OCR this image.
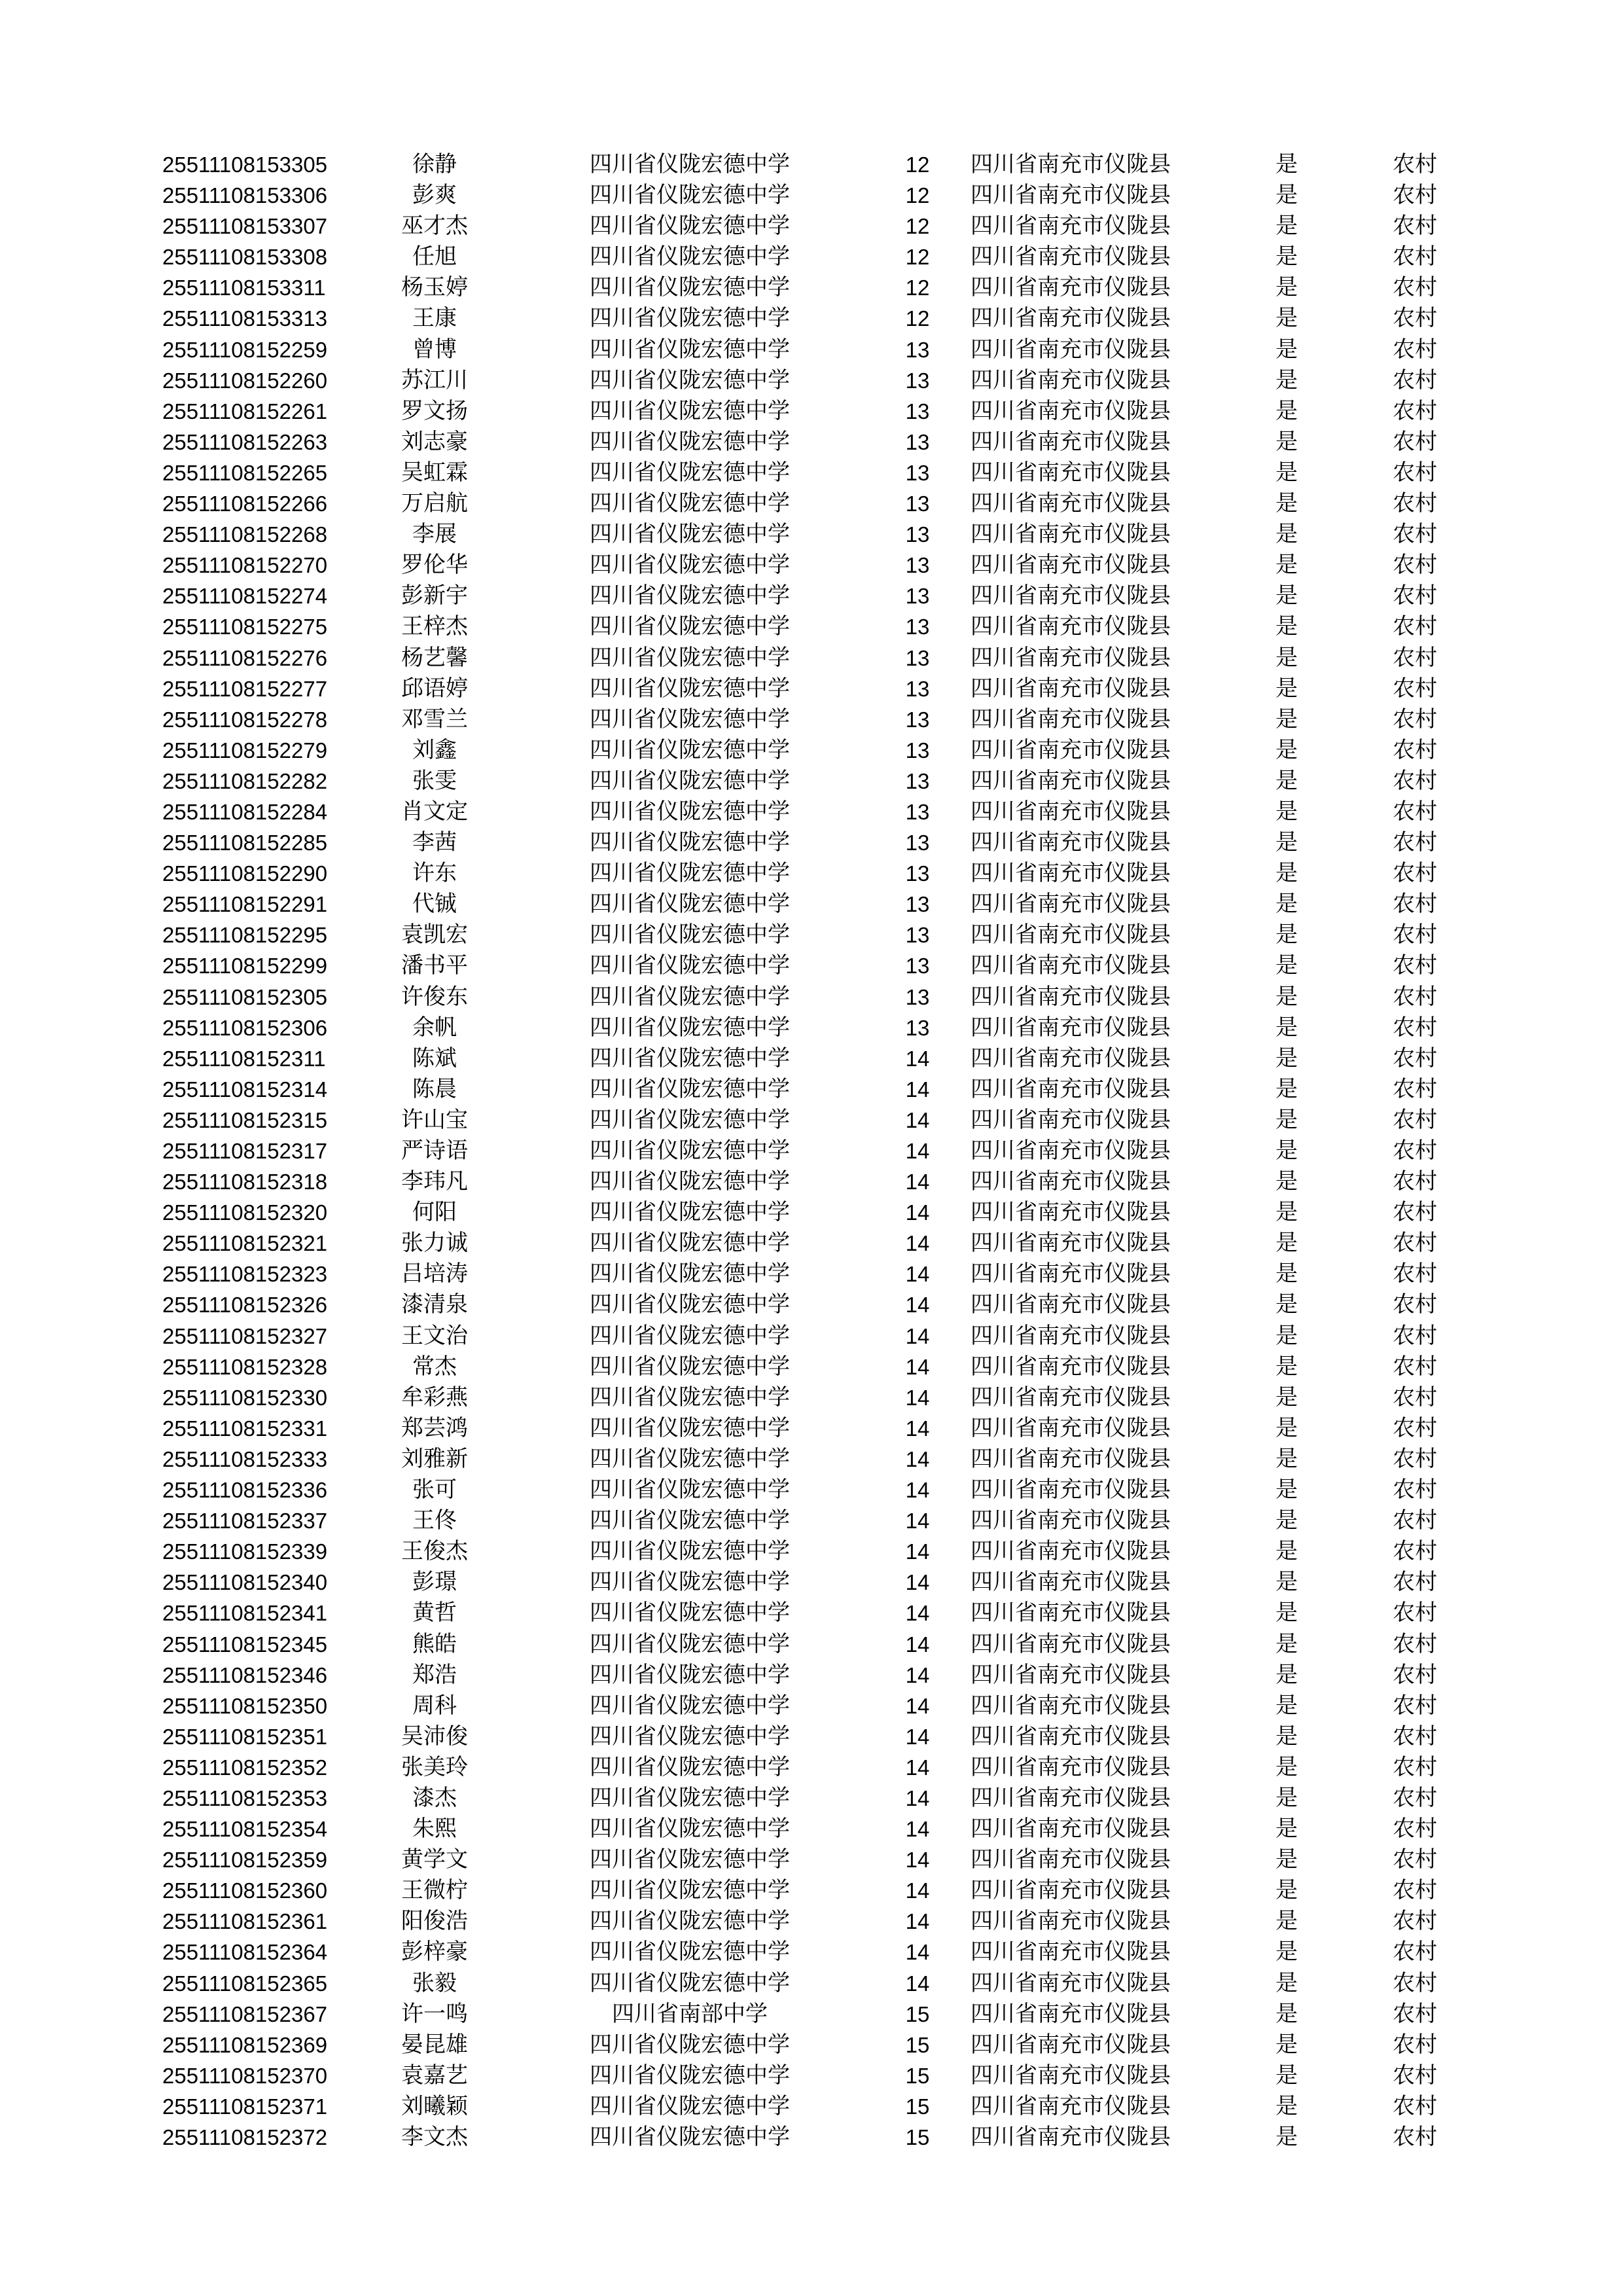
25511108153305	徐静	四川省仪陇宏德中学	12	四川省南充市仪陇县	是	农村
25511108153306	彭爽	四川省仪陇宏德中学	12	四川省南充市仪陇县	是	农村
25511108153307	巫才杰	四川省仪陇宏德中学	12	四川省南充市仪陇县	是	农村
25511108153308	任旭	四川省仪陇宏德中学	12	四川省南充市仪陇县	是	农村
25511108153311	杨玉婷	四川省仪陇宏德中学	12	四川省南充市仪陇县	是	农村
25511108153313	王康	四川省仪陇宏德中学	12	四川省南充市仪陇县	是	农村
25511108152259	曾博	四川省仪陇宏德中学	13	四川省南充市仪陇县	是	农村
25511108152260	苏江川	四川省仪陇宏德中学	13	四川省南充市仪陇县	是	农村
25511108152261	罗文扬	四川省仪陇宏德中学	13	四川省南充市仪陇县	是	农村
25511108152263	刘志豪	四川省仪陇宏德中学	13	四川省南充市仪陇县	是	农村
25511108152265	吴虹霖	四川省仪陇宏德中学	13	四川省南充市仪陇县	是	农村
25511108152266	万启航	四川省仪陇宏德中学	13	四川省南充市仪陇县	是	农村
25511108152268	李展	四川省仪陇宏德中学	13	四川省南充市仪陇县	是	农村
25511108152270	罗伦华	四川省仪陇宏德中学	13	四川省南充市仪陇县	是	农村
25511108152274	彭新宇	四川省仪陇宏德中学	13	四川省南充市仪陇县	是	农村
25511108152275	王梓杰	四川省仪陇宏德中学	13	四川省南充市仪陇县	是	农村
25511108152276	杨艺馨	四川省仪陇宏德中学	13	四川省南充市仪陇县	是	农村
25511108152277	邱语婷	四川省仪陇宏德中学	13	四川省南充市仪陇县	是	农村
25511108152278	邓雪兰	四川省仪陇宏德中学	13	四川省南充市仪陇县	是	农村
25511108152279	刘鑫	四川省仪陇宏德中学	13	四川省南充市仪陇县	是	农村
25511108152282	张雯	四川省仪陇宏德中学	13	四川省南充市仪陇县	是	农村
25511108152284	肖文定	四川省仪陇宏德中学	13	四川省南充市仪陇县	是	农村
25511108152285	李茜	四川省仪陇宏德中学	13	四川省南充市仪陇县	是	农村
25511108152290	许东	四川省仪陇宏德中学	13	四川省南充市仪陇县	是	农村
25511108152291	代铖	四川省仪陇宏德中学	13	四川省南充市仪陇县	是	农村
25511108152295	袁凯宏	四川省仪陇宏德中学	13	四川省南充市仪陇县	是	农村
25511108152299	潘书平	四川省仪陇宏德中学	13	四川省南充市仪陇县	是	农村
25511108152305	许俊东	四川省仪陇宏德中学	13	四川省南充市仪陇县	是	农村
25511108152306	余帆	四川省仪陇宏德中学	13	四川省南充市仪陇县	是	农村
25511108152311	陈斌	四川省仪陇宏德中学	14	四川省南充市仪陇县	是	农村
25511108152314	陈晨	四川省仪陇宏德中学	14	四川省南充市仪陇县	是	农村
25511108152315	许山宝	四川省仪陇宏德中学	14	四川省南充市仪陇县	是	农村
25511108152317	严诗语	四川省仪陇宏德中学	14	四川省南充市仪陇县	是	农村
25511108152318	李玮凡	四川省仪陇宏德中学	14	四川省南充市仪陇县	是	农村
25511108152320	何阳	四川省仪陇宏德中学	14	四川省南充市仪陇县	是	农村
25511108152321	张力诚	四川省仪陇宏德中学	14	四川省南充市仪陇县	是	农村
25511108152323	吕培涛	四川省仪陇宏德中学	14	四川省南充市仪陇县	是	农村
25511108152326	漆清泉	四川省仪陇宏德中学	14	四川省南充市仪陇县	是	农村
25511108152327	王文治	四川省仪陇宏德中学	14	四川省南充市仪陇县	是	农村
25511108152328	常杰	四川省仪陇宏德中学	14	四川省南充市仪陇县	是	农村
25511108152330	牟彩燕	四川省仪陇宏德中学	14	四川省南充市仪陇县	是	农村
25511108152331	郑芸鸿	四川省仪陇宏德中学	14	四川省南充市仪陇县	是	农村
25511108152333	刘雅新	四川省仪陇宏德中学	14	四川省南充市仪陇县	是	农村
25511108152336	张可	四川省仪陇宏德中学	14	四川省南充市仪陇县	是	农村
25511108152337	王佟	四川省仪陇宏德中学	14	四川省南充市仪陇县	是	农村
25511108152339	王俊杰	四川省仪陇宏德中学	14	四川省南充市仪陇县	是	农村
25511108152340	彭璟	四川省仪陇宏德中学	14	四川省南充市仪陇县	是	农村
25511108152341	黄哲	四川省仪陇宏德中学	14	四川省南充市仪陇县	是	农村
25511108152345	熊皓	四川省仪陇宏德中学	14	四川省南充市仪陇县	是	农村
25511108152346	郑浩	四川省仪陇宏德中学	14	四川省南充市仪陇县	是	农村
25511108152350	周科	四川省仪陇宏德中学	14	四川省南充市仪陇县	是	农村
25511108152351	吴沛俊	四川省仪陇宏德中学	14	四川省南充市仪陇县	是	农村
25511108152352	张美玲	四川省仪陇宏德中学	14	四川省南充市仪陇县	是	农村
25511108152353	漆杰	四川省仪陇宏德中学	14	四川省南充市仪陇县	是	农村
25511108152354	朱熙	四川省仪陇宏德中学	14	四川省南充市仪陇县	是	农村
25511108152359	黄学文	四川省仪陇宏德中学	14	四川省南充市仪陇县	是	农村
25511108152360	王微柠	四川省仪陇宏德中学	14	四川省南充市仪陇县	是	农村
25511108152361	阳俊浩	四川省仪陇宏德中学	14	四川省南充市仪陇县	是	农村
25511108152364	彭梓豪	四川省仪陇宏德中学	14	四川省南充市仪陇县	是	农村
25511108152365	张毅	四川省仪陇宏德中学	14	四川省南充市仪陇县	是	农村
25511108152367	许一鸣	四川省南部中学	15	四川省南充市仪陇县	是	农村
25511108152369	晏昆雄	四川省仪陇宏德中学	15	四川省南充市仪陇县	是	农村
25511108152370	袁嘉艺	四川省仪陇宏德中学	15	四川省南充市仪陇县	是	农村
25511108152371	刘曦颖	四川省仪陇宏德中学	15	四川省南充市仪陇县	是	农村
25511108152372	李文杰	四川省仪陇宏德中学	15	四川省南充市仪陇县	是	农村
